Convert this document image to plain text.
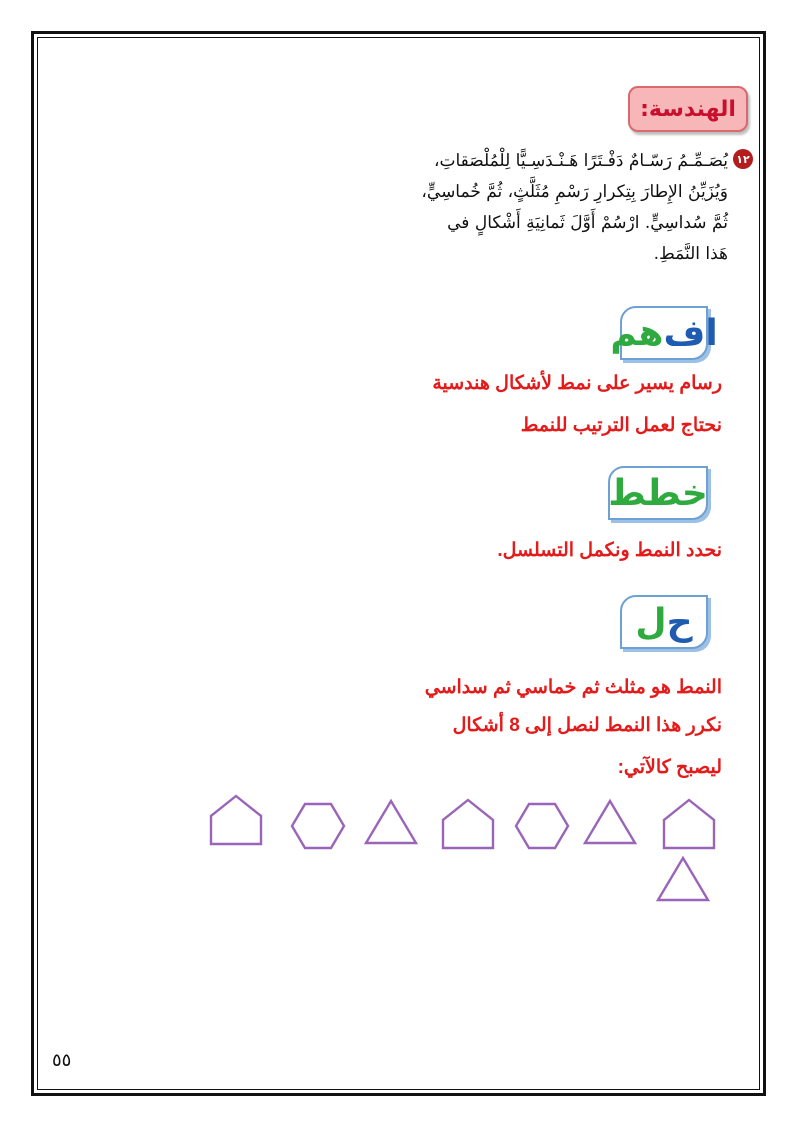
الهندسة:
١٢
يُصَـمِّـمُ رَسّـامٌ دَفْـتَرًا هَـنْـدَسِـيًّا لِلْمُلْصَقاتِ،
وَيُزَيِّنُ الإِطارَ بِتِكرارِ رَسْمِ مُثَلَّثٍ، ثُمَّ خُماسِيٍّ،
ثُمَّ سُداسِيٍّ. ارْسُمْ أَوَّلَ ثَمانِيَةِ أَشْكالٍ في
هَذا النَّمَطِ.
اف
هم
رسام يسير على نمط لأشكال هندسية
نحتاج لعمل الترتيب للنمط
خطط
نحدد النمط ونكمل التسلسل.
ح
ل
النمط هو مثلث ثم خماسي ثم سداسي
نكرر هذا النمط لنصل إلى 8 أشكال
ليصبح كالآتي:
٥٥
